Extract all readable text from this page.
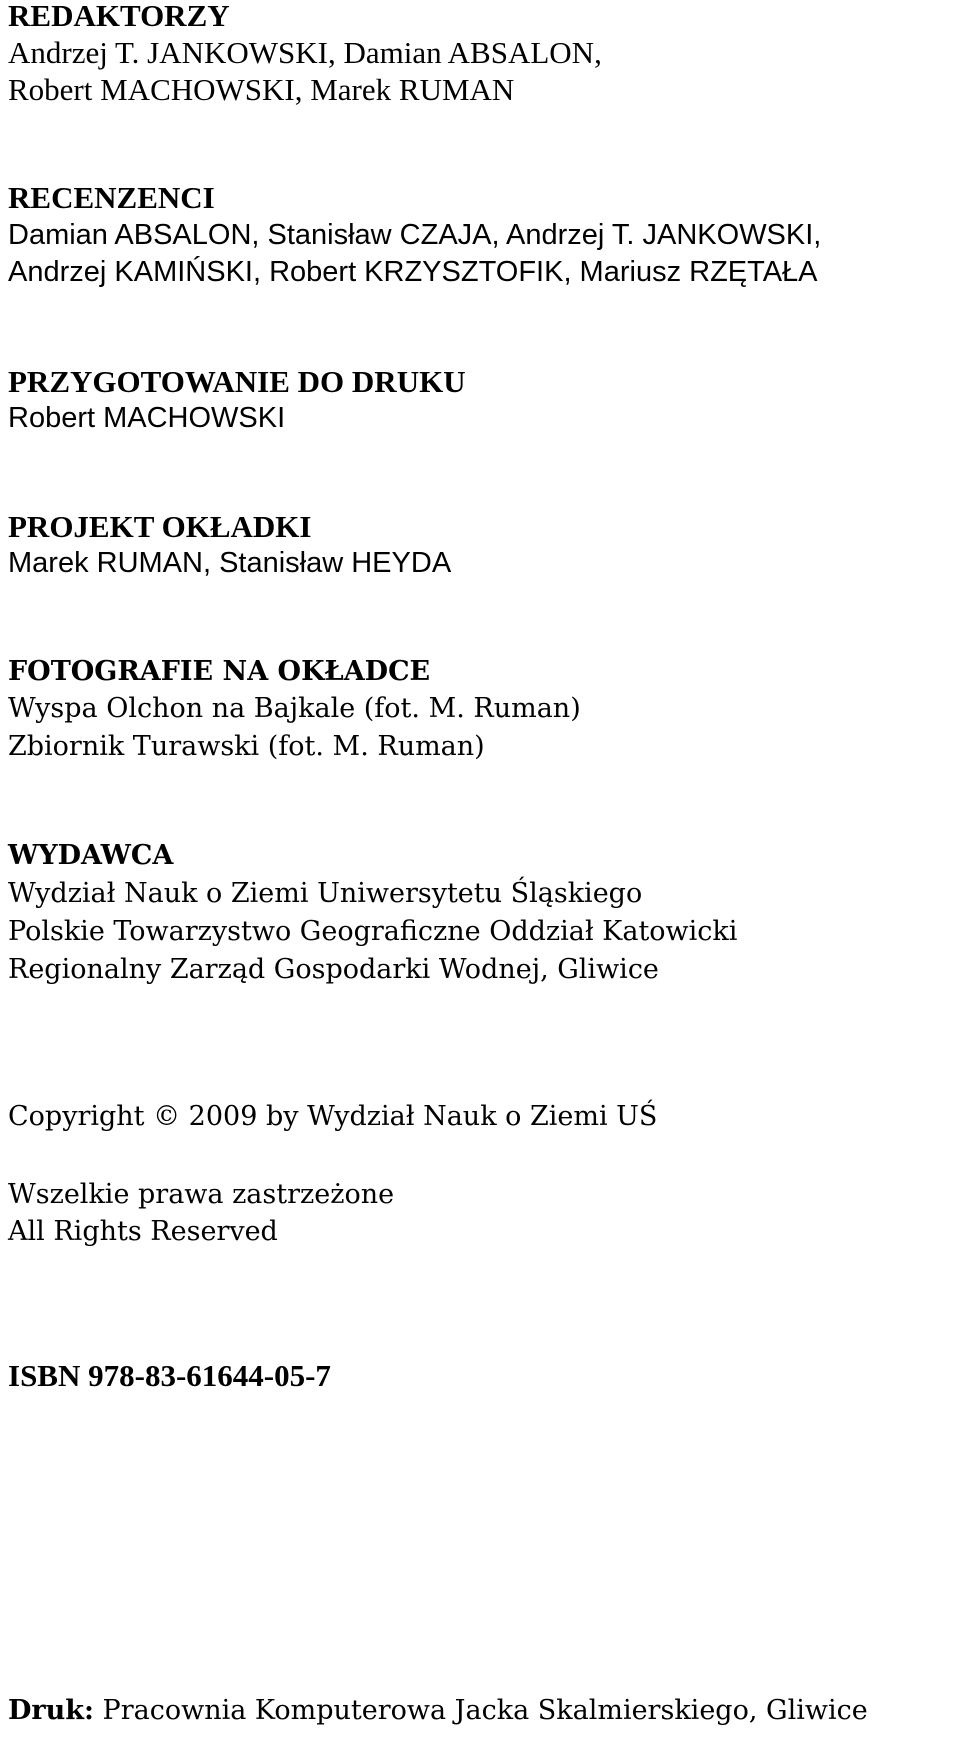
REDAKTORZY
Andrzej T. JANKOWSKI, Damian ABSALON,
Robert MACHOWSKI, Marek RUMAN
RECENZENCI
Damian ABSALON, Stanisław CZAJA, Andrzej T. JANKOWSKI,
Andrzej KAMIŃSKI, Robert KRZYSZTOFIK, Mariusz RZĘTAŁA
PRZYGOTOWANIE DO DRUKU
Robert MACHOWSKI
PROJEKT OKŁADKI
Marek RUMAN, Stanisław HEYDA
FOTOGRAFIE NA OKŁADCE
Wyspa Olchon na Bajkale (fot. M. Ruman)
Zbiornik Turawski (fot. M. Ruman)
WYDAWCA
Wydział Nauk o Ziemi Uniwersytetu Śląskiego
Polskie Towarzystwo Geograficzne Oddział Katowicki
Regionalny Zarząd Gospodarki Wodnej, Gliwice
Copyright © 2009 by Wydział Nauk o Ziemi UŚ
Wszelkie prawa zastrzeżone
All Rights Reserved
ISBN 978-83-61644-05-7
Druk: Pracownia Komputerowa Jacka Skalmierskiego, Gliwice
